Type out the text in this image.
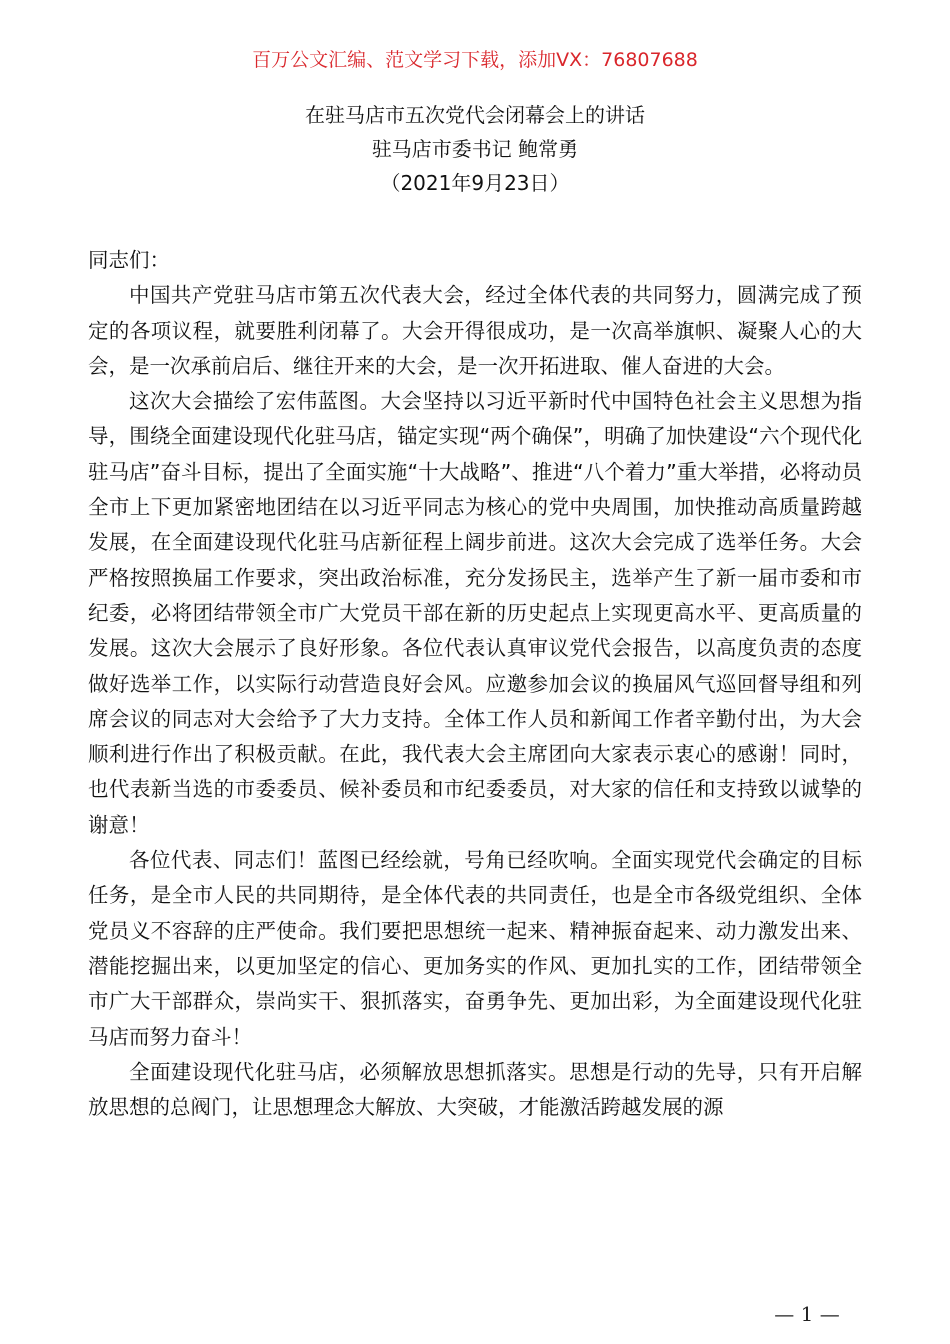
百万公文汇编、范文学习下载，添加VX：76807688
在驻马店市五次党代会闭幕会上的讲话
驻马店市委书记 鲍常勇
（2021年9月23日）

同志们：

中国共产党驻马店市第五次代表大会，经过全体代表的共同努力，圆满完成了预定的各项议程，就要胜利闭幕了。大会开得很成功，是一次高举旗帜、凝聚人心的大会，是一次承前启后、继往开来的大会，是一次开拓进取、催人奋进的大会。

这次大会描绘了宏伟蓝图。大会坚持以习近平新时代中国特色社会主义思想为指导，围绕全面建设现代化驻马店，锚定实现“两个确保”，明确了加快建设“六个现代化驻马店”奋斗目标，提出了全面实施“十大战略”、推进“八个着力”重大举措，必将动员全市上下更加紧密地团结在以习近平同志为核心的党中央周围，加快推动高质量跨越发展，在全面建设现代化驻马店新征程上阔步前进。这次大会完成了选举任务。大会严格按照换届工作要求，突出政治标准，充分发扬民主，选举产生了新一届市委和市纪委，必将团结带领全市广大党员干部在新的历史起点上实现更高水平、更高质量的发展。这次大会展示了良好形象。各位代表认真审议党代会报告，以高度负责的态度做好选举工作，以实际行动营造良好会风。应邀参加会议的换届风气巡回督导组和列席会议的同志对大会给予了大力支持。全体工作人员和新闻工作者辛勤付出，为大会顺利进行作出了积极贡献。在此，我代表大会主席团向大家表示衷心的感谢！同时，也代表新当选的市委委员、候补委员和市纪委委员，对大家的信任和支持致以诚挚的谢意！

各位代表、同志们！蓝图已经绘就，号角已经吹响。全面实现党代会确定的目标任务，是全市人民的共同期待，是全体代表的共同责任，也是全市各级党组织、全体党员义不容辞的庄严使命。我们要把思想统一起来、精神振奋起来、动力激发出来、潜能挖掘出来，以更加坚定的信心、更加务实的作风、更加扎实的工作，团结带领全市广大干部群众，崇尚实干、狠抓落实，奋勇争先、更加出彩，为全面建设现代化驻马店而努力奋斗！

全面建设现代化驻马店，必须解放思想抓落实。思想是行动的先导，只有开启解放思想的总阀门，让思想理念大解放、大突破，才能激活跨越发展的源

— 1 —
